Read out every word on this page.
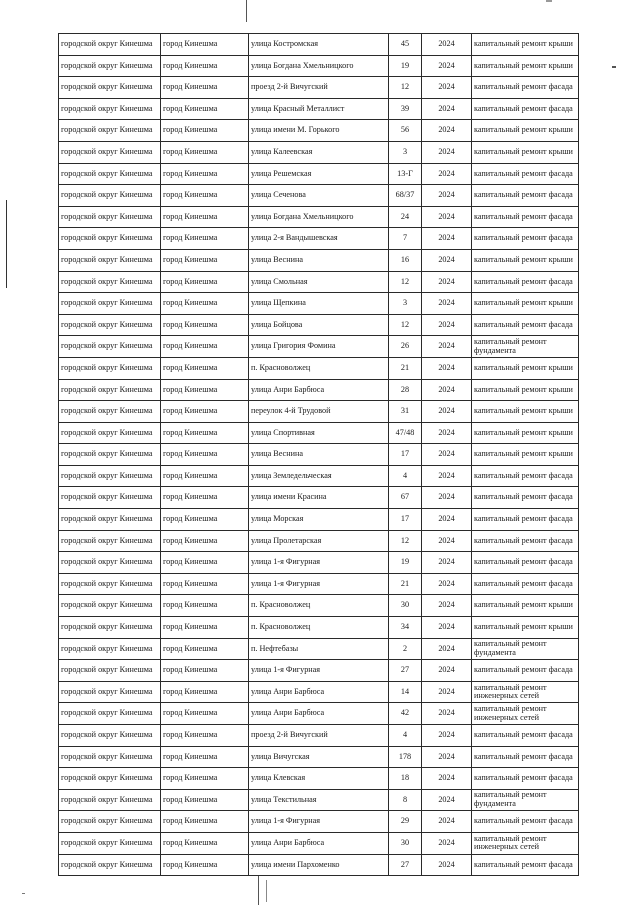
городской округ Кинешма	город Кинешма	улица Костромская	45	2024	капитальный ремонт крыши
городской округ Кинешма	город Кинешма	улица Богдана Хмельницкого	19	2024	капитальный ремонт крыши
городской округ Кинешма	город Кинешма	проезд 2-й Вичугский	12	2024	капитальный ремонт фасада
городской округ Кинешма	город Кинешма	улица Красный Металлист	39	2024	капитальный ремонт фасада
городской округ Кинешма	город Кинешма	улица имени М. Горького	56	2024	капитальный ремонт крыши
городской округ Кинешма	город Кинешма	улица Калеевская	3	2024	капитальный ремонт крыши
городской округ Кинешма	город Кинешма	улица Решемская	13-Г	2024	капитальный ремонт фасада
городской округ Кинешма	город Кинешма	улица Сеченова	68/37	2024	капитальный ремонт фасада
городской округ Кинешма	город Кинешма	улица Богдана Хмельницкого	24	2024	капитальный ремонт фасада
городской округ Кинешма	город Кинешма	улица 2-я Вандышевская	7	2024	капитальный ремонт фасада
городской округ Кинешма	город Кинешма	улица Веснина	16	2024	капитальный ремонт крыши
городской округ Кинешма	город Кинешма	улица Смольная	12	2024	капитальный ремонт фасада
городской округ Кинешма	город Кинешма	улица Щепкина	3	2024	капитальный ремонт крыши
городской округ Кинешма	город Кинешма	улица Бойцова	12	2024	капитальный ремонт фасада
городской округ Кинешма	город Кинешма	улица Григория Фомина	26	2024	капитальный ремонт фундамента
городской округ Кинешма	город Кинешма	п. Красноволжец	21	2024	капитальный ремонт крыши
городской округ Кинешма	город Кинешма	улица Анри Барбюса	28	2024	капитальный ремонт крыши
городской округ Кинешма	город Кинешма	переулок 4-й Трудовой	31	2024	капитальный ремонт крыши
городской округ Кинешма	город Кинешма	улица Спортивная	47/48	2024	капитальный ремонт крыши
городской округ Кинешма	город Кинешма	улица Веснина	17	2024	капитальный ремонт крыши
городской округ Кинешма	город Кинешма	улица Земледельческая	4	2024	капитальный ремонт фасада
городской округ Кинешма	город Кинешма	улица имени Красина	67	2024	капитальный ремонт фасада
городской округ Кинешма	город Кинешма	улица Морская	17	2024	капитальный ремонт фасада
городской округ Кинешма	город Кинешма	улица Пролетарская	12	2024	капитальный ремонт фасада
городской округ Кинешма	город Кинешма	улица 1-я Фигурная	19	2024	капитальный ремонт фасада
городской округ Кинешма	город Кинешма	улица 1-я Фигурная	21	2024	капитальный ремонт фасада
городской округ Кинешма	город Кинешма	п. Красноволжец	30	2024	капитальный ремонт крыши
городской округ Кинешма	город Кинешма	п. Красноволжец	34	2024	капитальный ремонт крыши
городской округ Кинешма	город Кинешма	п. Нефтебазы	2	2024	капитальный ремонт фундамента
городской округ Кинешма	город Кинешма	улица 1-я Фигурная	27	2024	капитальный ремонт фасада
городской округ Кинешма	город Кинешма	улица Анри Барбюса	14	2024	капитальный ремонт инженерных сетей
городской округ Кинешма	город Кинешма	улица Анри Барбюса	42	2024	капитальный ремонт инженерных сетей
городской округ Кинешма	город Кинешма	проезд 2-й Вичугский	4	2024	капитальный ремонт фасада
городской округ Кинешма	город Кинешма	улица Вичугская	178	2024	капитальный ремонт фасада
городской округ Кинешма	город Кинешма	улица Клевская	18	2024	капитальный ремонт фасада
городской округ Кинешма	город Кинешма	улица Текстильная	8	2024	капитальный ремонт фундамента
городской округ Кинешма	город Кинешма	улица 1-я Фигурная	29	2024	капитальный ремонт фасада
городской округ Кинешма	город Кинешма	улица Анри Барбюса	30	2024	капитальный ремонт инженерных сетей
городской округ Кинешма	город Кинешма	улица имени Пархоменко	27	2024	капитальный ремонт фасада
